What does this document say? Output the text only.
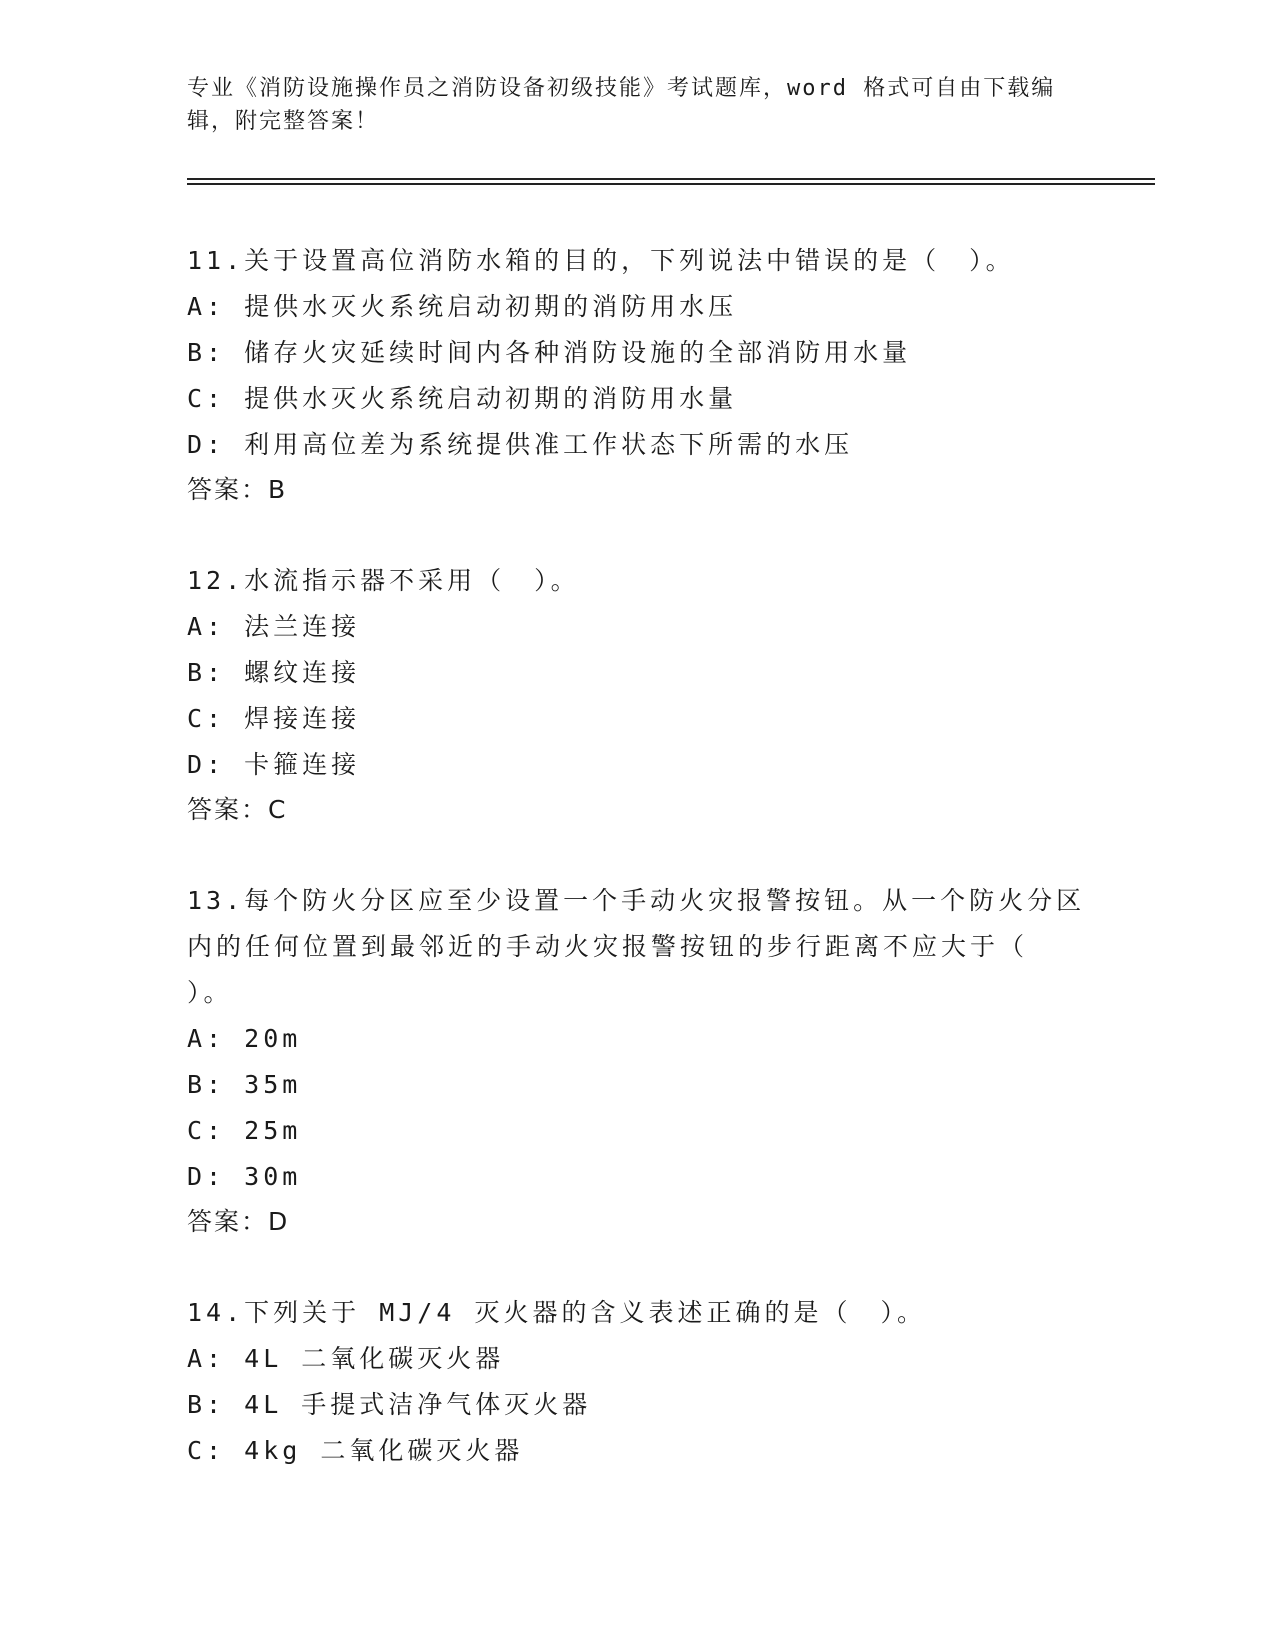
专业《消防设施操作员之消防设备初级技能》考试题库，word 格式可自由下载编
辑，附完整答案！
11.关于设置高位消防水箱的目的，下列说法中错误的是（　）。
A: 提供水灭火系统启动初期的消防用水压
B: 储存火灾延续时间内各种消防设施的全部消防用水量
C: 提供水灭火系统启动初期的消防用水量
D: 利用高位差为系统提供准工作状态下所需的水压
答案：B
12.水流指示器不采用（　）。
A: 法兰连接
B: 螺纹连接
C: 焊接连接
D: 卡箍连接
答案：C
13.每个防火分区应至少设置一个手动火灾报警按钮。从一个防火分区
内的任何位置到最邻近的手动火灾报警按钮的步行距离不应大于（
）。
A: 20m
B: 35m
C: 25m
D: 30m
答案：D
14.下列关于 MJ/4 灭火器的含义表述正确的是（　）。
A: 4L 二氧化碳灭火器
B: 4L 手提式洁净气体灭火器
C: 4kg 二氧化碳灭火器
